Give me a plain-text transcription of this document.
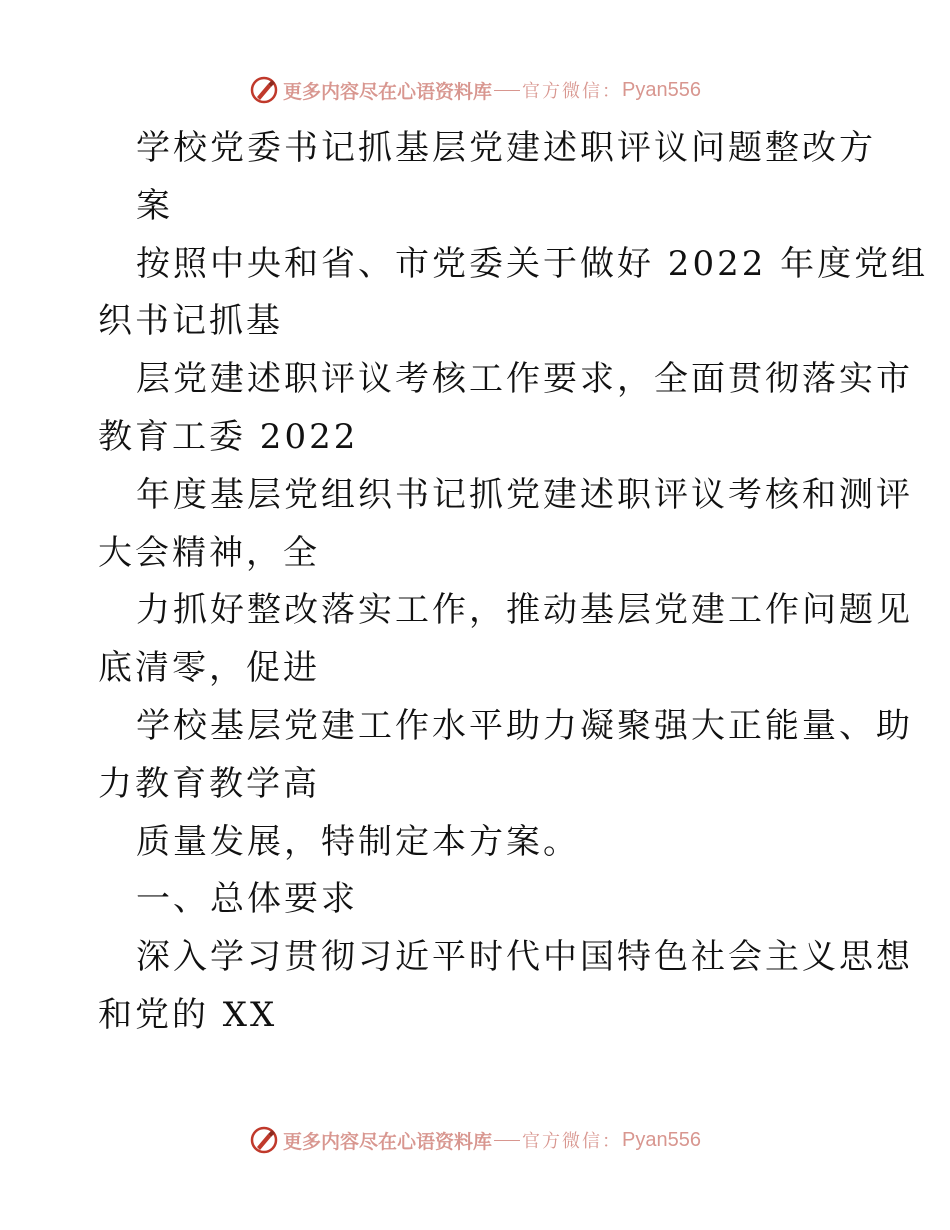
更多内容尽在心语资料库 官方微信： Pyan556
学校党委书记抓基层党建述职评议问题整改方
案
按照中央和省、市党委关于做好 2022 年度党组
织书记抓基
层党建述职评议考核工作要求，全面贯彻落实市
教育工委 2022
年度基层党组织书记抓党建述职评议考核和测评
大会精神，全
力抓好整改落实工作，推动基层党建工作问题见
底清零，促进
学校基层党建工作水平助力凝聚强大正能量、助
力教育教学高
质量发展，特制定本方案。
一、总体要求
深入学习贯彻习近平时代中国特色社会主义思想
和党的 XX
更多内容尽在心语资料库 官方微信： Pyan556
